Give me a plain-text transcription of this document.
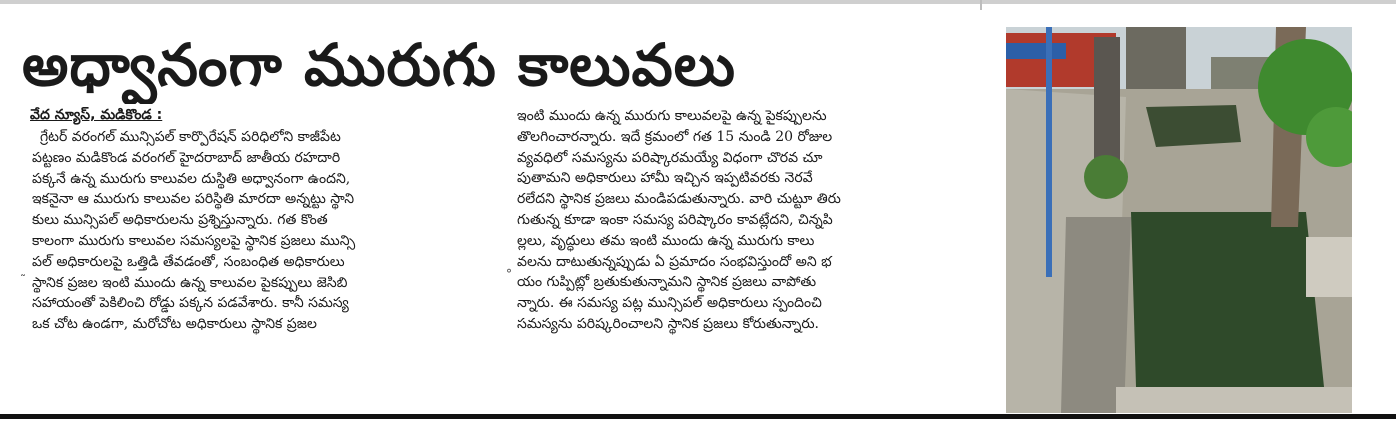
అధ్వానంగా మురుగు కాలువలు
వేద న్యూస్, మడికొండ :
గ్రేటర్ వరంగల్ మున్సిపల్ కార్పొరేషన్ పరిధిలోని కాజీపేట
పట్టణం మడికొండ వరంగల్ హైదరాబాద్ జాతీయ రహదారి
పక్కనే ఉన్న మురుగు కాలువల దుస్థితి అధ్వానంగా ఉందని,
ఇకనైనా ఆ మురుగు కాలువల పరిస్థితి మారదా అన్నట్టు స్థాని
కులు మున్సిపల్ అధికారులను ప్రశ్నిస్తున్నారు. గత కొంత
కాలంగా మురుగు కాలువల సమస్యలపై స్థానిక ప్రజలు మున్సి
పల్ అధికారులపై ఒత్తిడి తేవడంతో, సంబంధిత అధికారులు
స్థానిక ప్రజల ఇంటి ముందు ఉన్న కాలువల పైకప్పులు జెసిబి
సహాయంతో పెకిలించి రోడ్డు పక్కన పడవేశారు. కానీ సమస్య
ఒక చోట ఉండగా, మరోచోట అధికారులు స్థానిక ప్రజల
˜
ఇంటి ముందు ఉన్న మురుగు కాలువలపై ఉన్న పైకప్పులను
తొలగించారన్నారు. ఇదే క్రమంలో గత 15 నుండి 20 రోజుల
వ్యవధిలో సమస్యను పరిష్కారమయ్యే విధంగా చొరవ చూ
పుతామని అధికారులు హామీ ఇచ్చిన ఇప్పటివరకు నెరవే
రలేదని స్థానిక ప్రజలు మండిపడుతున్నారు. వారి చుట్టూ తిరు
గుతున్న కూడా ఇంకా సమస్య పరిష్కారం కావట్లేదని, చిన్నపి
ల్లలు, వృద్ధులు తమ ఇంటి ముందు ఉన్న మురుగు కాలు
వలను దాటుతున్నప్పుడు ఏ ప్రమాదం సంభవిస్తుందో అని భ
యం గుప్పిట్లో బ్రతుకుతున్నామని స్థానిక ప్రజలు వాపోతు
న్నారు. ఈ సమస్య పట్ల మున్సిపల్ అధికారులు స్పందించి
సమస్యను పరిష్కరించాలని స్థానిక ప్రజలు కోరుతున్నారు.
°
